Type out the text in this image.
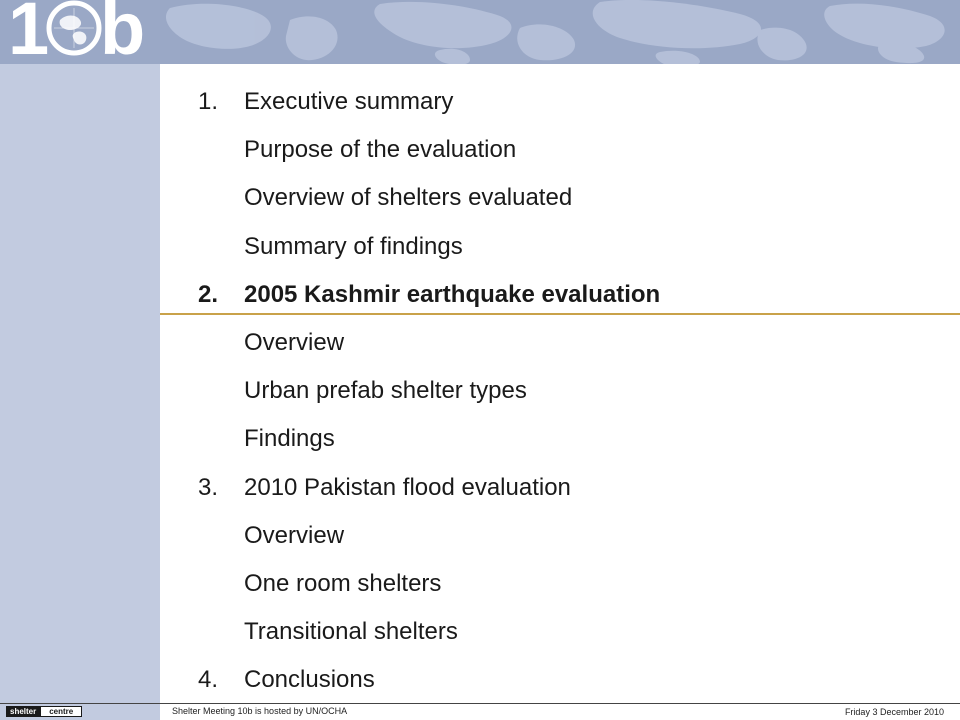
1 b
1. Executive summary
Purpose of the evaluation
Overview of shelters evaluated
Summary of findings
2. 2005 Kashmir earthquake evaluation
Overview
Urban prefab shelter types
Findings
3. 2010 Pakistan flood evaluation
Overview
One room shelters
Transitional shelters
4. Conclusions
shelter	centre	Shelter Meeting 10b is hosted by UN/OCHA	Friday 3 December 2010
